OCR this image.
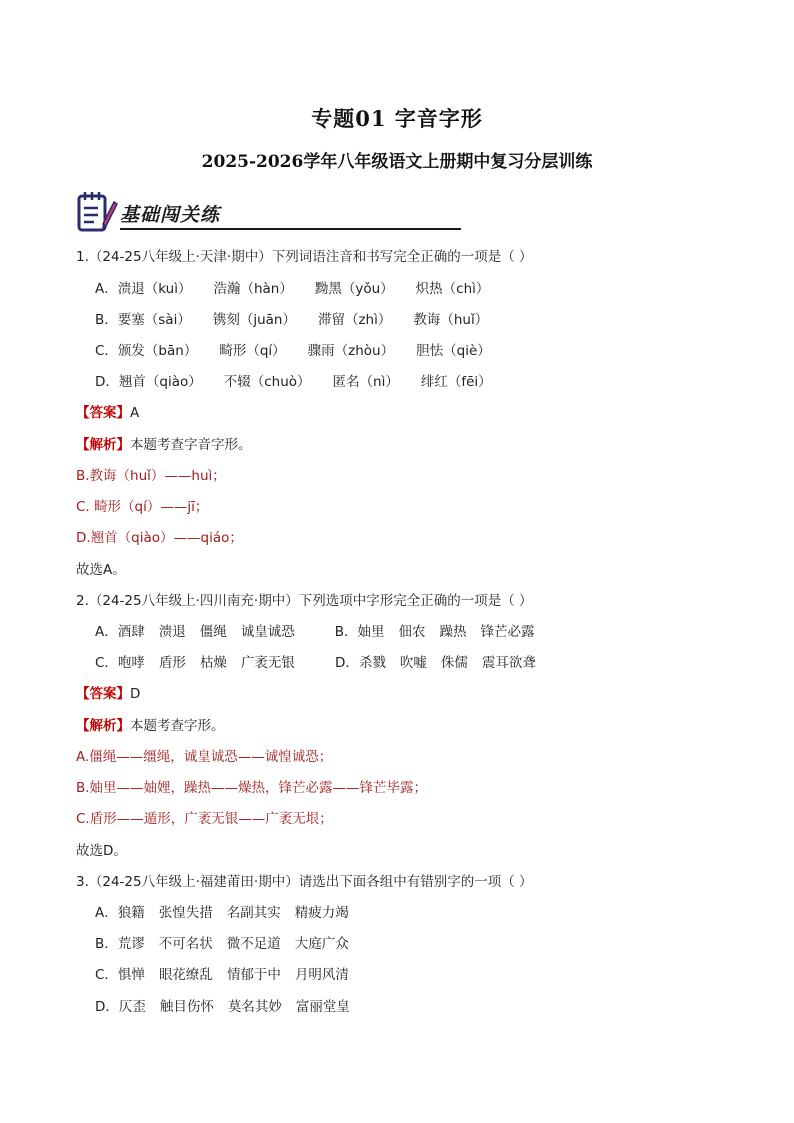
专题01 字音字形
2025-2026学年八年级语文上册期中复习分层训练
基础闯关练
1.（24-25八年级上·天津·期中）下列词语注音和书写完全正确的一项是（ ）
A．溃退（kuì） 浩瀚（hàn） 黝黑（yǒu） 炽热（chì）
B．要塞（sài） 镌刻（juān） 滞留（zhì） 教诲（huǐ）
C．颁发（bān） 畸形（qí） 骤雨（zhòu） 胆怯（qiè）
D．翘首（qiào） 不辍（chuò） 匿名（nì） 绯红（fēi）
【答案】A
【解析】本题考查字音字形。
B.教诲（huǐ）——huì；
C. 畸形（qí）——jī；
D.翘首（qiào）——qiáo；
故选A。
2.（24-25八年级上·四川南充·期中）下列选项中字形完全正确的一项是（ ）
A．酒肆 溃退 僵绳 诚皇诚恐	B．妯里 佃农 躁热 锋芒必露
C．咆哮 盾形 枯燥 广袤无银	D．杀戮 吹嘘 侏儒 震耳欲聋
【答案】D
【解析】本题考查字形。
A.僵绳——缰绳，诚皇诚恐——诚惶诚恐；
B.妯里——妯娌，躁热——燥热，锋芒必露——锋芒毕露；
C.盾形——遁形，广袤无银——广袤无垠；
故选D。
3.（24-25八年级上·福建莆田·期中）请选出下面各组中有错别字的一项（ ）
A．狼籍 张惶失措 名副其实 精疲力竭
B．荒谬 不可名状 微不足道 大庭广众
C．惧惮 眼花缭乱 情郁于中 月明风清
D．仄歪 触目伤怀 莫名其妙 富丽堂皇
